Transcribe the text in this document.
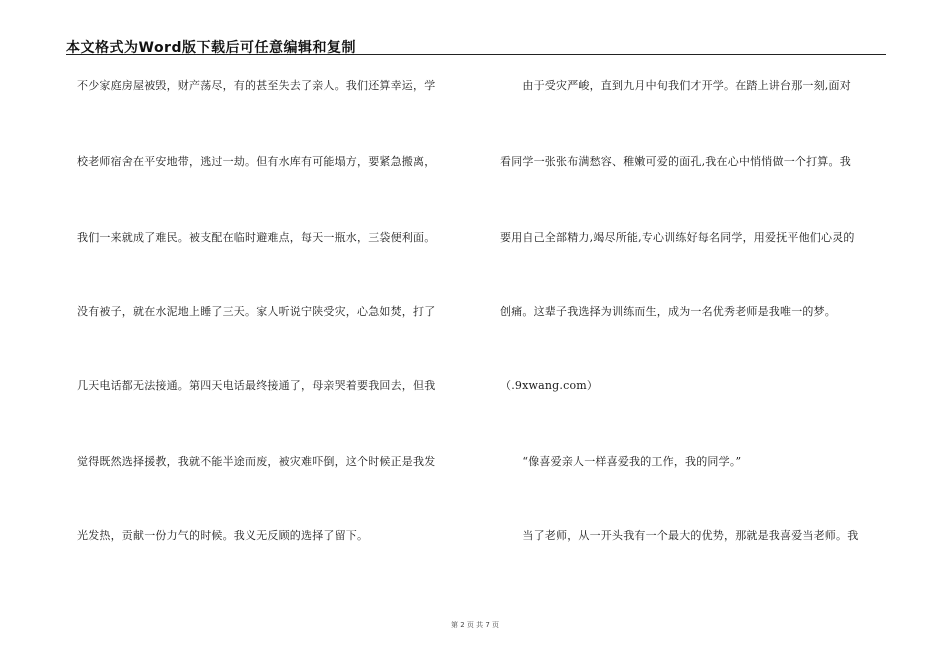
本文格式为Word版下载后可任意编辑和复制
不少家庭房屋被毁，财产荡尽，有的甚至失去了亲人。我们还算幸运，学
校老师宿舍在平安地带，逃过一劫。但有水库有可能塌方，要紧急搬离，
我们一来就成了难民。被支配在临时避难点，每天一瓶水，三袋便利面。
没有被子，就在水泥地上睡了三天。家人听说宁陕受灾，心急如焚，打了
几天电话都无法接通。第四天电话最终接通了，母亲哭着要我回去，但我
觉得既然选择援教，我就不能半途而废，被灾难吓倒，这个时候正是我发
光发热，贡献一份力气的时候。我义无反顾的选择了留下。
　　由于受灾严峻，直到九月中旬我们才开学。在踏上讲台那一刻,面对
看同学一张张布满愁容、稚嫩可爱的面孔,我在心中悄悄做一个打算。我
要用自己全部精力,竭尽所能,专心训练好每名同学，用爱抚平他们心灵的
创痛。这辈子我选择为训练而生，成为一名优秀老师是我唯一的梦。
（.9xwang.com）
　　“像喜爱亲人一样喜爱我的工作，我的同学。”
　　当了老师，从一开头我有一个最大的优势，那就是我喜爱当老师。我
第 2 页 共 7 页
